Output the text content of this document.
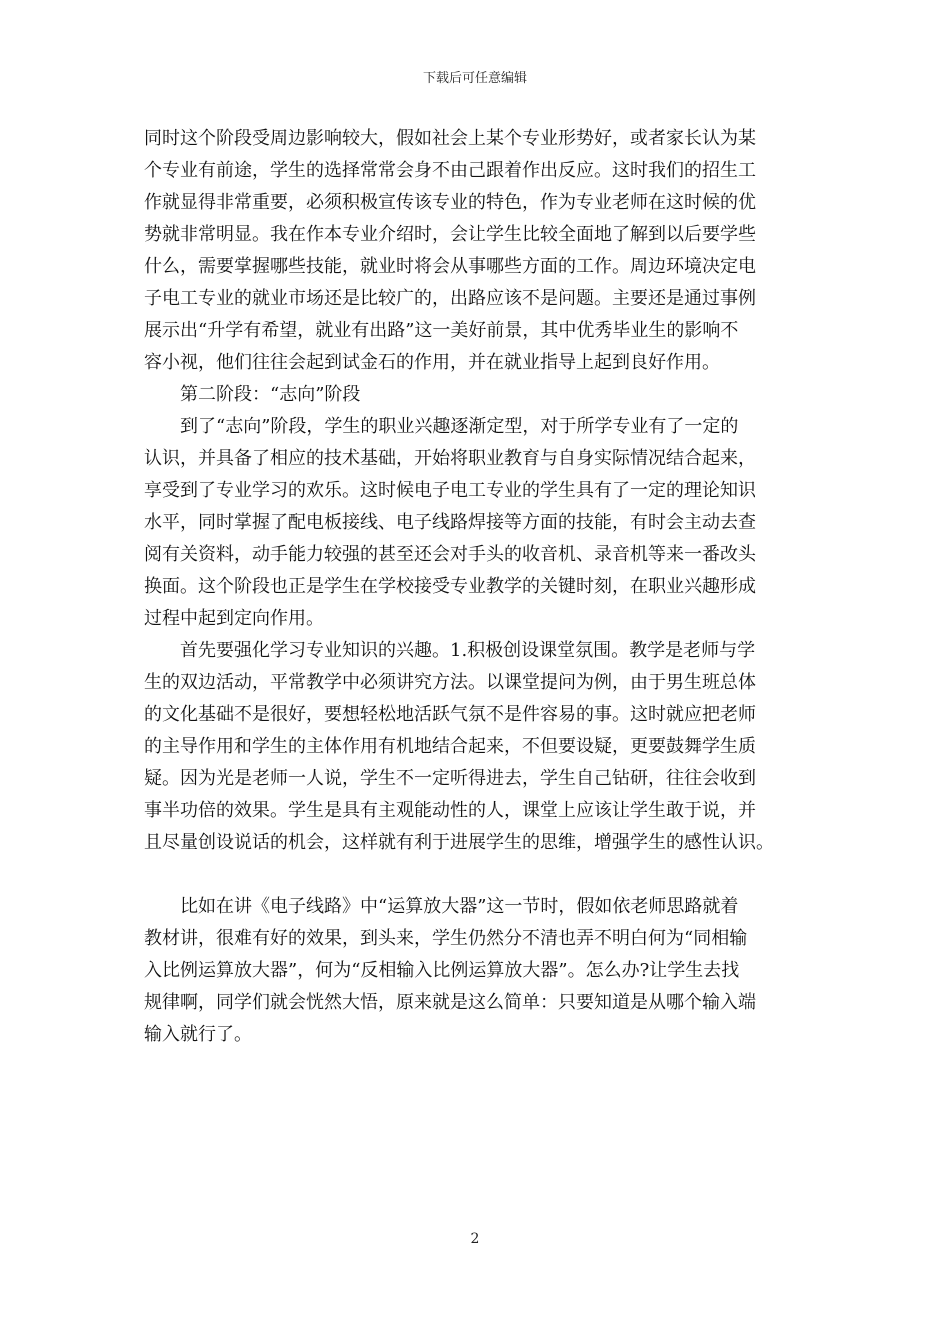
下载后可任意编辑
同时这个阶段受周边影响较大，假如社会上某个专业形势好，或者家长认为某
个专业有前途，学生的选择常常会身不由己跟着作出反应。这时我们的招生工
作就显得非常重要，必须积极宣传该专业的特色，作为专业老师在这时候的优
势就非常明显。我在作本专业介绍时，会让学生比较全面地了解到以后要学些
什么，需要掌握哪些技能，就业时将会从事哪些方面的工作。周边环境决定电
子电工专业的就业市场还是比较广的，出路应该不是问题。主要还是通过事例
展示出“升学有希望，就业有出路”这一美好前景，其中优秀毕业生的影响不
容小视，他们往往会起到试金石的作用，并在就业指导上起到良好作用。
　　第二阶段：“志向”阶段
　　到了“志向”阶段，学生的职业兴趣逐渐定型，对于所学专业有了一定的
认识，并具备了相应的技术基础，开始将职业教育与自身实际情况结合起来，
享受到了专业学习的欢乐。这时候电子电工专业的学生具有了一定的理论知识
水平，同时掌握了配电板接线、电子线路焊接等方面的技能，有时会主动去查
阅有关资料，动手能力较强的甚至还会对手头的收音机、录音机等来一番改头
换面。这个阶段也正是学生在学校接受专业教学的关键时刻，在职业兴趣形成
过程中起到定向作用。
　　首先要强化学习专业知识的兴趣。1.积极创设课堂氛围。教学是老师与学
生的双边活动，平常教学中必须讲究方法。以课堂提问为例，由于男生班总体
的文化基础不是很好，要想轻松地活跃气氛不是件容易的事。这时就应把老师
的主导作用和学生的主体作用有机地结合起来，不但要设疑，更要鼓舞学生质
疑。因为光是老师一人说，学生不一定听得进去，学生自己钻研，往往会收到
事半功倍的效果。学生是具有主观能动性的人，课堂上应该让学生敢于说，并
且尽量创设说话的机会，这样就有利于进展学生的思维，增强学生的感性认识。
　　比如在讲《电子线路》中“运算放大器”这一节时，假如依老师思路就着
教材讲，很难有好的效果，到头来，学生仍然分不清也弄不明白何为“同相输
入比例运算放大器”，何为“反相输入比例运算放大器”。怎么办?让学生去找
规律啊，同学们就会恍然大悟，原来就是这么简单：只要知道是从哪个输入端
输入就行了。
2
